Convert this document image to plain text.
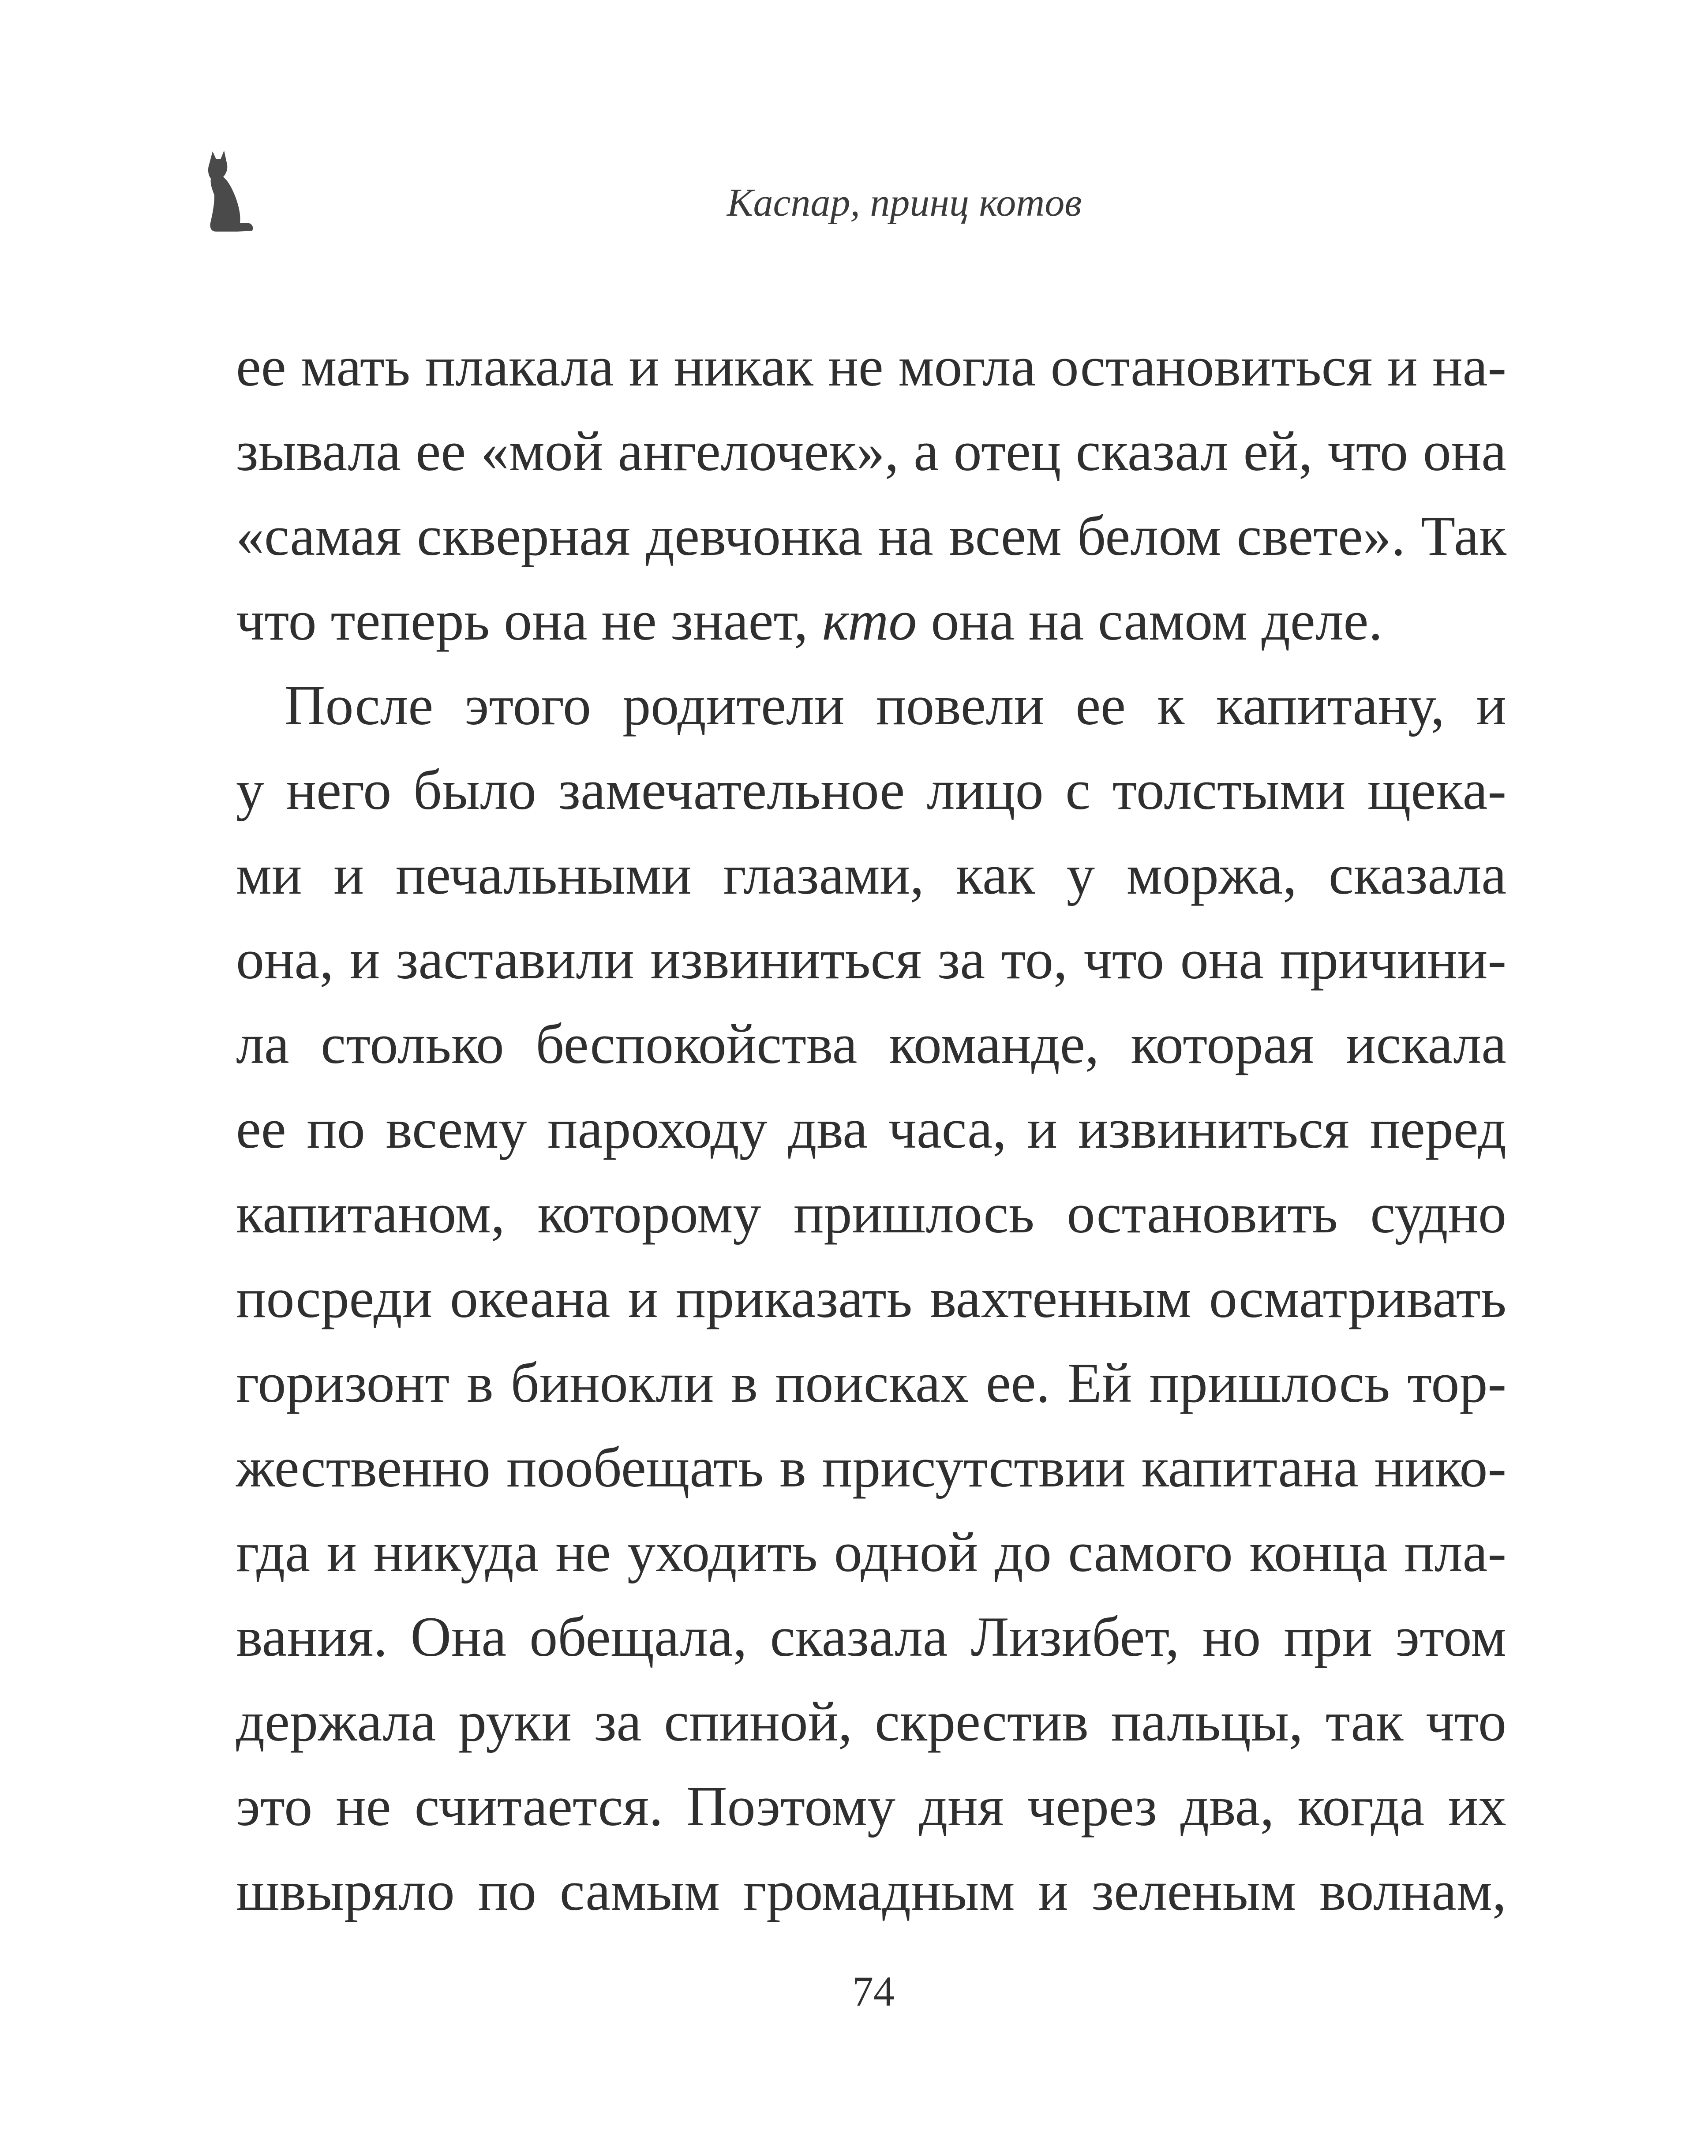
Каспар, принц котов
ее мать плакала и никак не могла остановиться и на-
зывала ее «мой ангелочек», а отец сказал ей, что она
«самая скверная девчонка на всем белом свете». Так
что теперь она не знает, кто она на самом деле.
После этого родители повели ее к капитану, и
у него было замечательное лицо с толстыми щека-
ми и печальными глазами, как у моржа, сказала
она, и заставили извиниться за то, что она причини-
ла столько беспокойства команде, которая искала
ее по всему пароходу два часа, и извиниться перед
капитаном, которому пришлось остановить судно
посреди океана и приказать вахтенным осматривать
горизонт в бинокли в поисках ее. Ей пришлось тор-
жественно пообещать в присутствии капитана нико-
гда и никуда не уходить одной до самого конца пла-
вания. Она обещала, сказала Лизибет, но при этом
держала руки за спиной, скрестив пальцы, так что
это не считается. Поэтому дня через два, когда их
швыряло по самым громадным и зеленым волнам,
74
